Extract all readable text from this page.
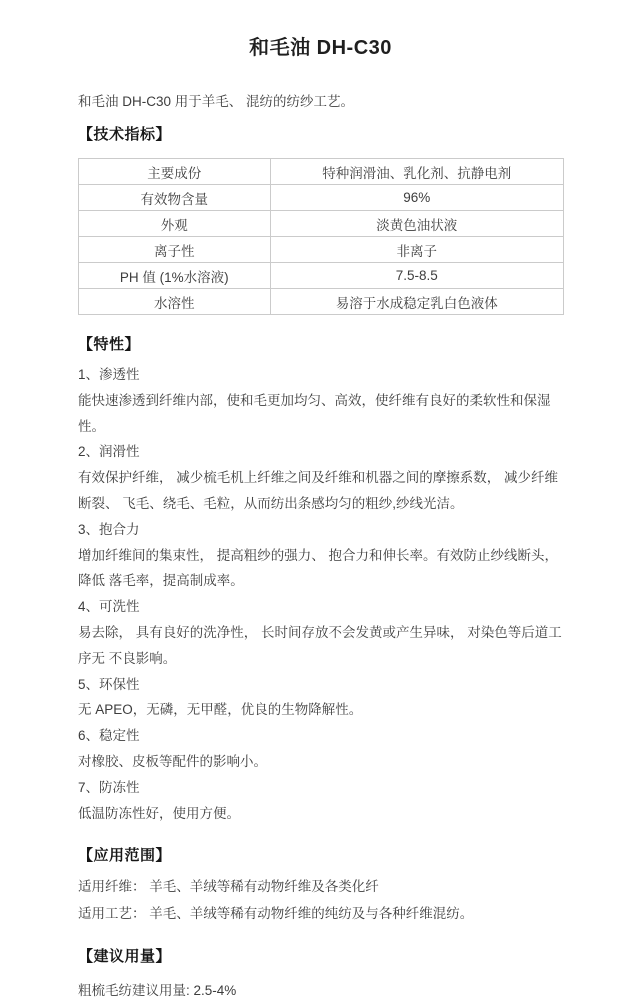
和毛油 DH-C30

和毛油 DH-C30 用于羊毛、 混纺的纺纱工艺。

【技术指标】
主要成份	特种润滑油、乳化剂、抗静电剂
有效物含量	96%
外观	淡黄色油状液
离子性	非离子
PH 值 (1%水溶液)	7.5-8.5
水溶性	易溶于水成稳定乳白色液体
【特性】

1、渗透性

能快速渗透到纤维内部，使和毛更加均匀、高效，使纤维有良好的柔软性和保湿性。

2、润滑性

有效保护纤维， 减少梳毛机上纤维之间及纤维和机器之间的摩擦系数， 减少纤维断裂、 飞毛、绕毛、毛粒，从而纺出条感均匀的粗纱,纱线光洁。

3、抱合力

增加纤维间的集束性， 提高粗纱的强力、 抱合力和伸长率。有效防止纱线断头， 降低 落毛率，提高制成率。

4、可洗性

易去除， 具有良好的洗净性， 长时间存放不会发黄或产生异味， 对染色等后道工序无 不良影响。

5、环保性

无 APEO，无磷，无甲醛，优良的生物降解性。

6、稳定性

对橡胶、皮板等配件的影响小。

7、防冻性

低温防冻性好，使用方便。

【应用范围】

适用纤维： 羊毛、羊绒等稀有动物纤维及各类化纤

适用工艺： 羊毛、羊绒等稀有动物纤维的纯纺及与各种纤维混纺。

【建议用量】

粗梳毛纺建议用量: 2.5-4%
